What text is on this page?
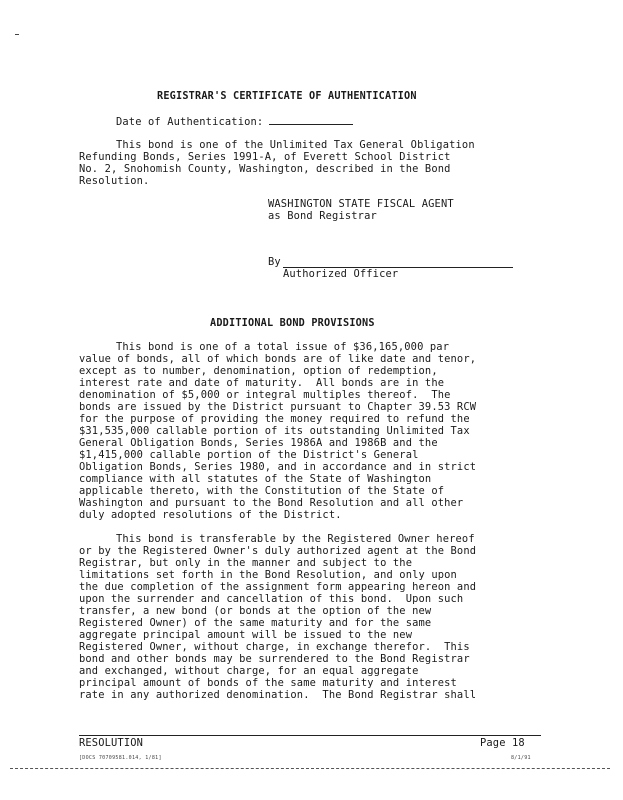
REGISTRAR'S CERTIFICATE OF AUTHENTICATION
Date of Authentication:
This bond is one of the Unlimited Tax General Obligation
Refunding Bonds, Series 1991-A, of Everett School District
No. 2, Snohomish County, Washington, described in the Bond
Resolution.
WASHINGTON STATE FISCAL AGENT
as Bond Registrar
By
Authorized Officer
ADDITIONAL BOND PROVISIONS
This bond is one of a total issue of $36,165,000 par
value of bonds, all of which bonds are of like date and tenor,
except as to number, denomination, option of redemption,
interest rate and date of maturity.  All bonds are in the
denomination of $5,000 or integral multiples thereof.  The
bonds are issued by the District pursuant to Chapter 39.53 RCW
for the purpose of providing the money required to refund the
$31,535,000 callable portion of its outstanding Unlimited Tax
General Obligation Bonds, Series 1986A and 1986B and the
$1,415,000 callable portion of the District's General
Obligation Bonds, Series 1980, and in accordance and in strict
compliance with all statutes of the State of Washington
applicable thereto, with the Constitution of the State of
Washington and pursuant to the Bond Resolution and all other
duly adopted resolutions of the District.
This bond is transferable by the Registered Owner hereof
or by the Registered Owner's duly authorized agent at the Bond
Registrar, but only in the manner and subject to the
limitations set forth in the Bond Resolution, and only upon
the due completion of the assignment form appearing hereon and
upon the surrender and cancellation of this bond.  Upon such
transfer, a new bond (or bonds at the option of the new
Registered Owner) of the same maturity and for the same
aggregate principal amount will be issued to the new
Registered Owner, without charge, in exchange therefor.  This
bond and other bonds may be surrendered to the Bond Registrar
and exchanged, without charge, for an equal aggregate
principal amount of bonds of the same maturity and interest
rate in any authorized denomination.  The Bond Registrar shall
RESOLUTION	Page 18
[DOCS 70709581.014, 1/81]	8/1/91
